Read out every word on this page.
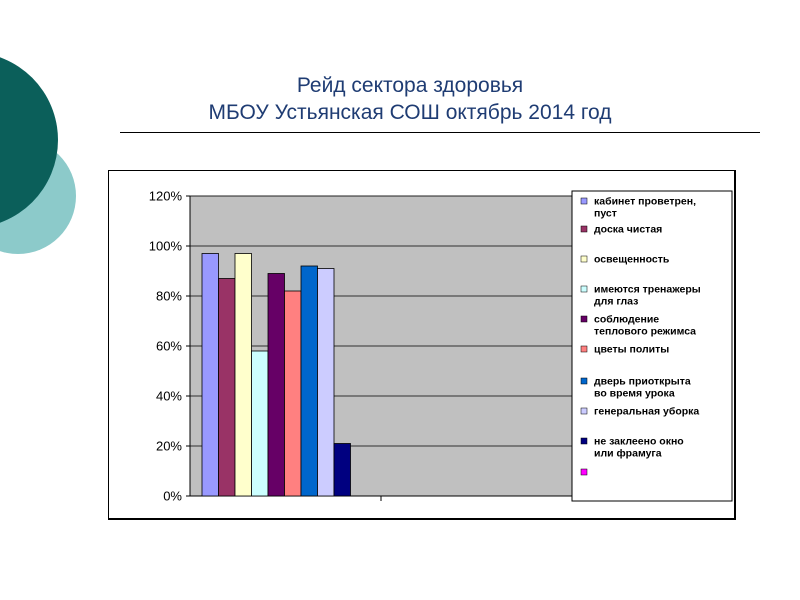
Рейд сектора здоровья
МБОУ Устьянская СОШ октябрь 2014 год
0%
20%
40%
60%
80%
100%
120%	кабинет проветрен,
пуст
доска чистая
освещенность
имеются тренажеры
для глаз
соблюдение
теплового режимса
цветы политы
дверь приоткрыта
во время урока
генеральная уборка
не заклеено окно
или фрамуга
